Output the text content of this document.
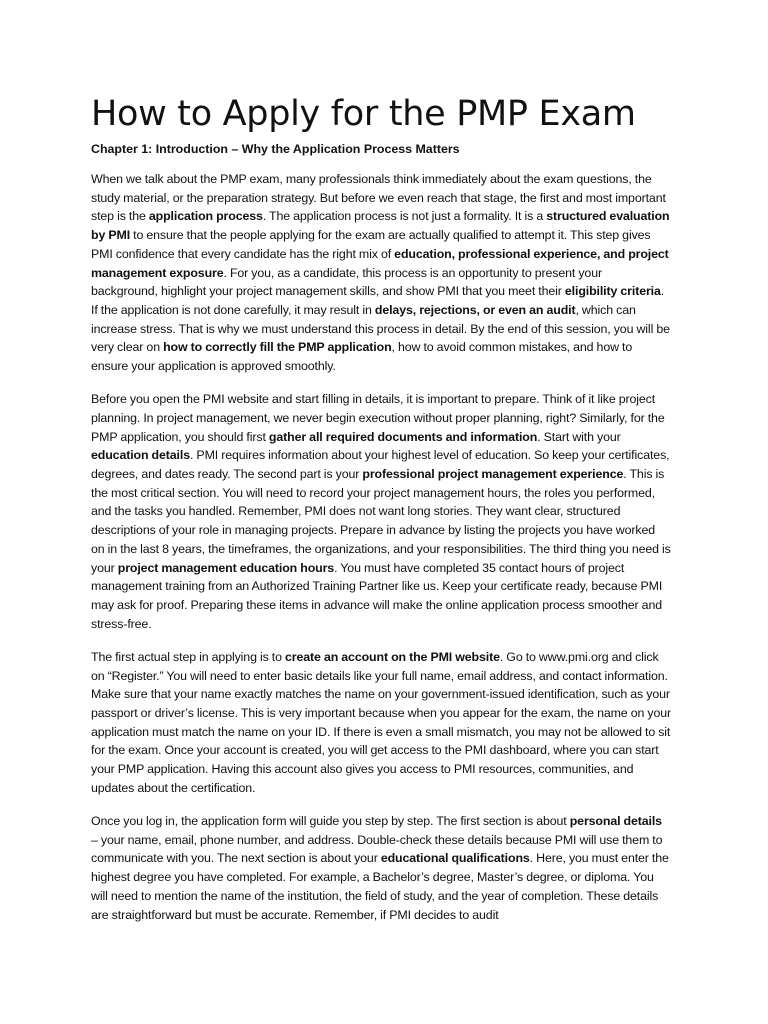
How to Apply for the PMP Exam

Chapter 1: Introduction – Why the Application Process Matters

When we talk about the PMP exam, many professionals think immediately about the exam questions, the study material, or the preparation strategy. But before we even reach that stage, the first and most important step is the application process. The application process is not just a formality. It is a structured evaluation by PMI to ensure that the people applying for the exam are actually qualified to attempt it. This step gives PMI confidence that every candidate has the right mix of education, professional experience, and project management exposure. For you, as a candidate, this process is an opportunity to present your background, highlight your project management skills, and show PMI that you meet their eligibility criteria. If the application is not done carefully, it may result in delays, rejections, or even an audit, which can increase stress. That is why we must understand this process in detail. By the end of this session, you will be very clear on how to correctly fill the PMP application, how to avoid common mistakes, and how to ensure your application is approved smoothly.

Before you open the PMI website and start filling in details, it is important to prepare. Think of it like project planning. In project management, we never begin execution without proper planning, right? Similarly, for the PMP application, you should first gather all required documents and information. Start with your education details. PMI requires information about your highest level of education. So keep your certificates, degrees, and dates ready. The second part is your professional project management experience. This is the most critical section. You will need to record your project management hours, the roles you performed, and the tasks you handled. Remember, PMI does not want long stories. They want clear, structured descriptions of your role in managing projects. Prepare in advance by listing the projects you have worked on in the last 8 years, the timeframes, the organizations, and your responsibilities. The third thing you need is your project management education hours. You must have completed 35 contact hours of project management training from an Authorized Training Partner like us. Keep your certificate ready, because PMI may ask for proof. Preparing these items in advance will make the online application process smoother and stress-free.

The first actual step in applying is to create an account on the PMI website. Go to www.pmi.org and click on “Register.” You will need to enter basic details like your full name, email address, and contact information. Make sure that your name exactly matches the name on your government-issued identification, such as your passport or driver’s license. This is very important because when you appear for the exam, the name on your application must match the name on your ID. If there is even a small mismatch, you may not be allowed to sit for the exam. Once your account is created, you will get access to the PMI dashboard, where you can start your PMP application. Having this account also gives you access to PMI resources, communities, and updates about the certification.

Once you log in, the application form will guide you step by step. The first section is about personal details – your name, email, phone number, and address. Double-check these details because PMI will use them to communicate with you. The next section is about your educational qualifications. Here, you must enter the highest degree you have completed. For example, a Bachelor’s degree, Master’s degree, or diploma. You will need to mention the name of the institution, the field of study, and the year of completion. These details are straightforward but must be accurate. Remember, if PMI decides to audit
